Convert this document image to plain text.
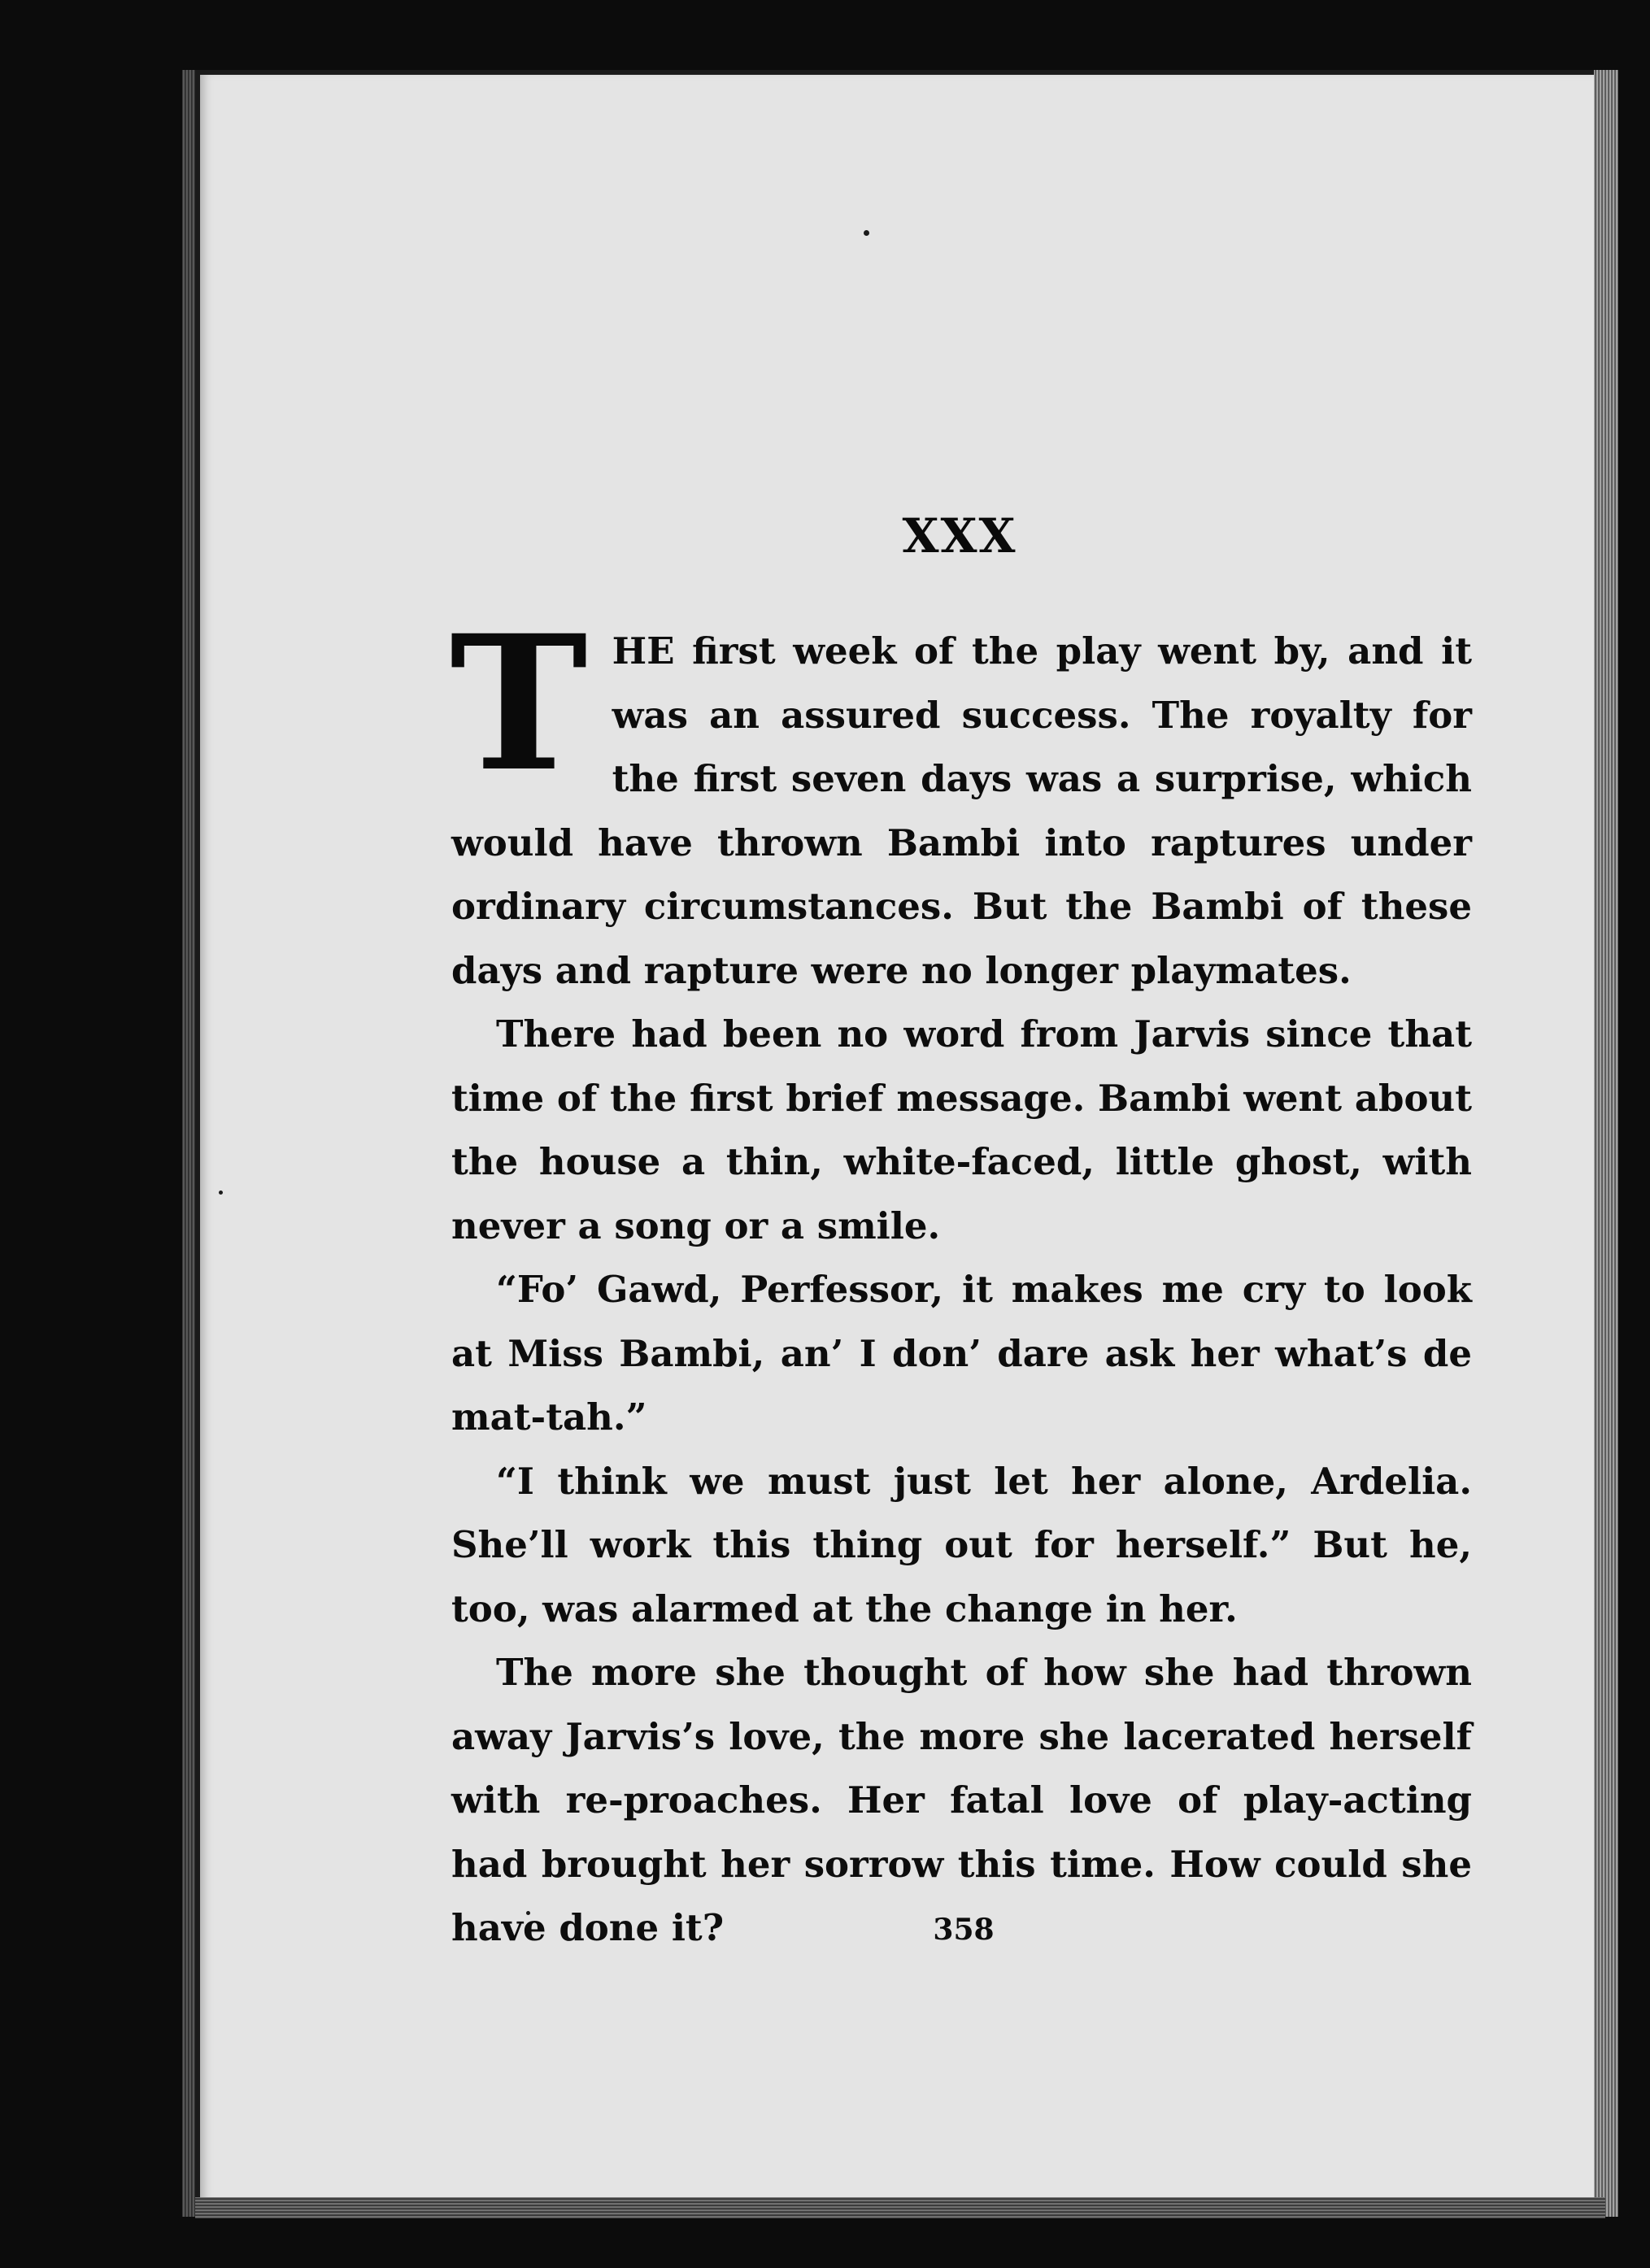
XXX

T HE first week of the play went by, and it was an assured success. The royalty for the first seven days was a surprise, which would have thrown Bambi into raptures under ordinary circumstances. But the Bambi of these days and rapture were no longer playmates.

There had been no word from Jarvis since that time of the first brief message. Bambi went about the house a thin, white-faced, little ghost, with never a song or a smile.

“Fo’ Gawd, Perfessor, it makes me cry to look at Miss Bambi, an’ I don’ dare ask her what’s de mat-tah.”

“I think we must just let her alone, Ardelia. She’ll work this thing out for herself.” But he, too, was alarmed at the change in her.

The more she thought of how she had thrown away Jarvis’s love, the more she lacerated herself with re-proaches. Her fatal love of play-acting had brought her sorrow this time. How could she have done it?	358
